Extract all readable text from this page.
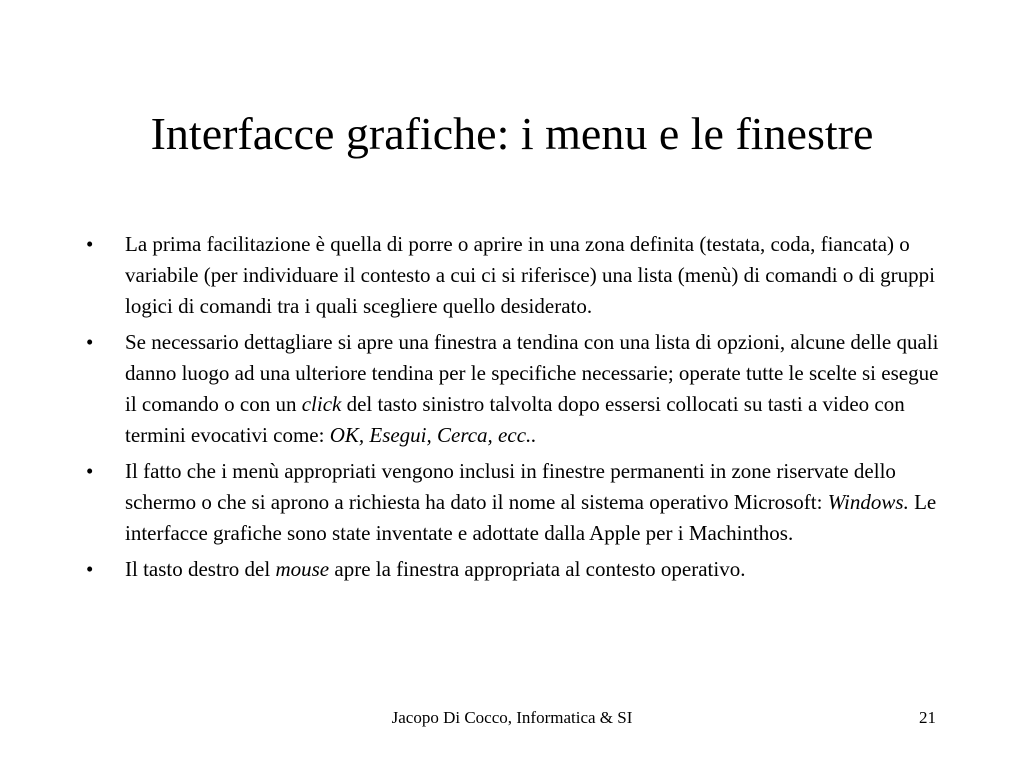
Interfacce grafiche: i menu e le finestre
• La prima facilitazione è quella di porre o aprire in una zona definita (testata, coda, fiancata) o variabile (per individuare il contesto a cui ci si riferisce) una lista (menù) di comandi o di gruppi logici di comandi tra i quali scegliere quello desiderato.
• Se necessario dettagliare si apre una finestra a tendina con una lista di opzioni, alcune delle quali danno luogo ad una ulteriore tendina per le specifiche necessarie; operate tutte le scelte si esegue il comando o con un click del tasto sinistro talvolta dopo essersi collocati su tasti a video con termini evocativi come: OK, Esegui, Cerca, ecc..
• Il fatto che i menù appropriati vengono inclusi in finestre permanenti in zone riservate dello schermo o che si aprono a richiesta ha dato il nome al sistema operativo Microsoft: Windows. Le interfacce grafiche sono state inventate e adottate dalla Apple per i Machinthos.
• Il tasto destro del mouse apre la finestra appropriata al contesto operativo.
Jacopo Di Cocco, Informatica & SI	21
